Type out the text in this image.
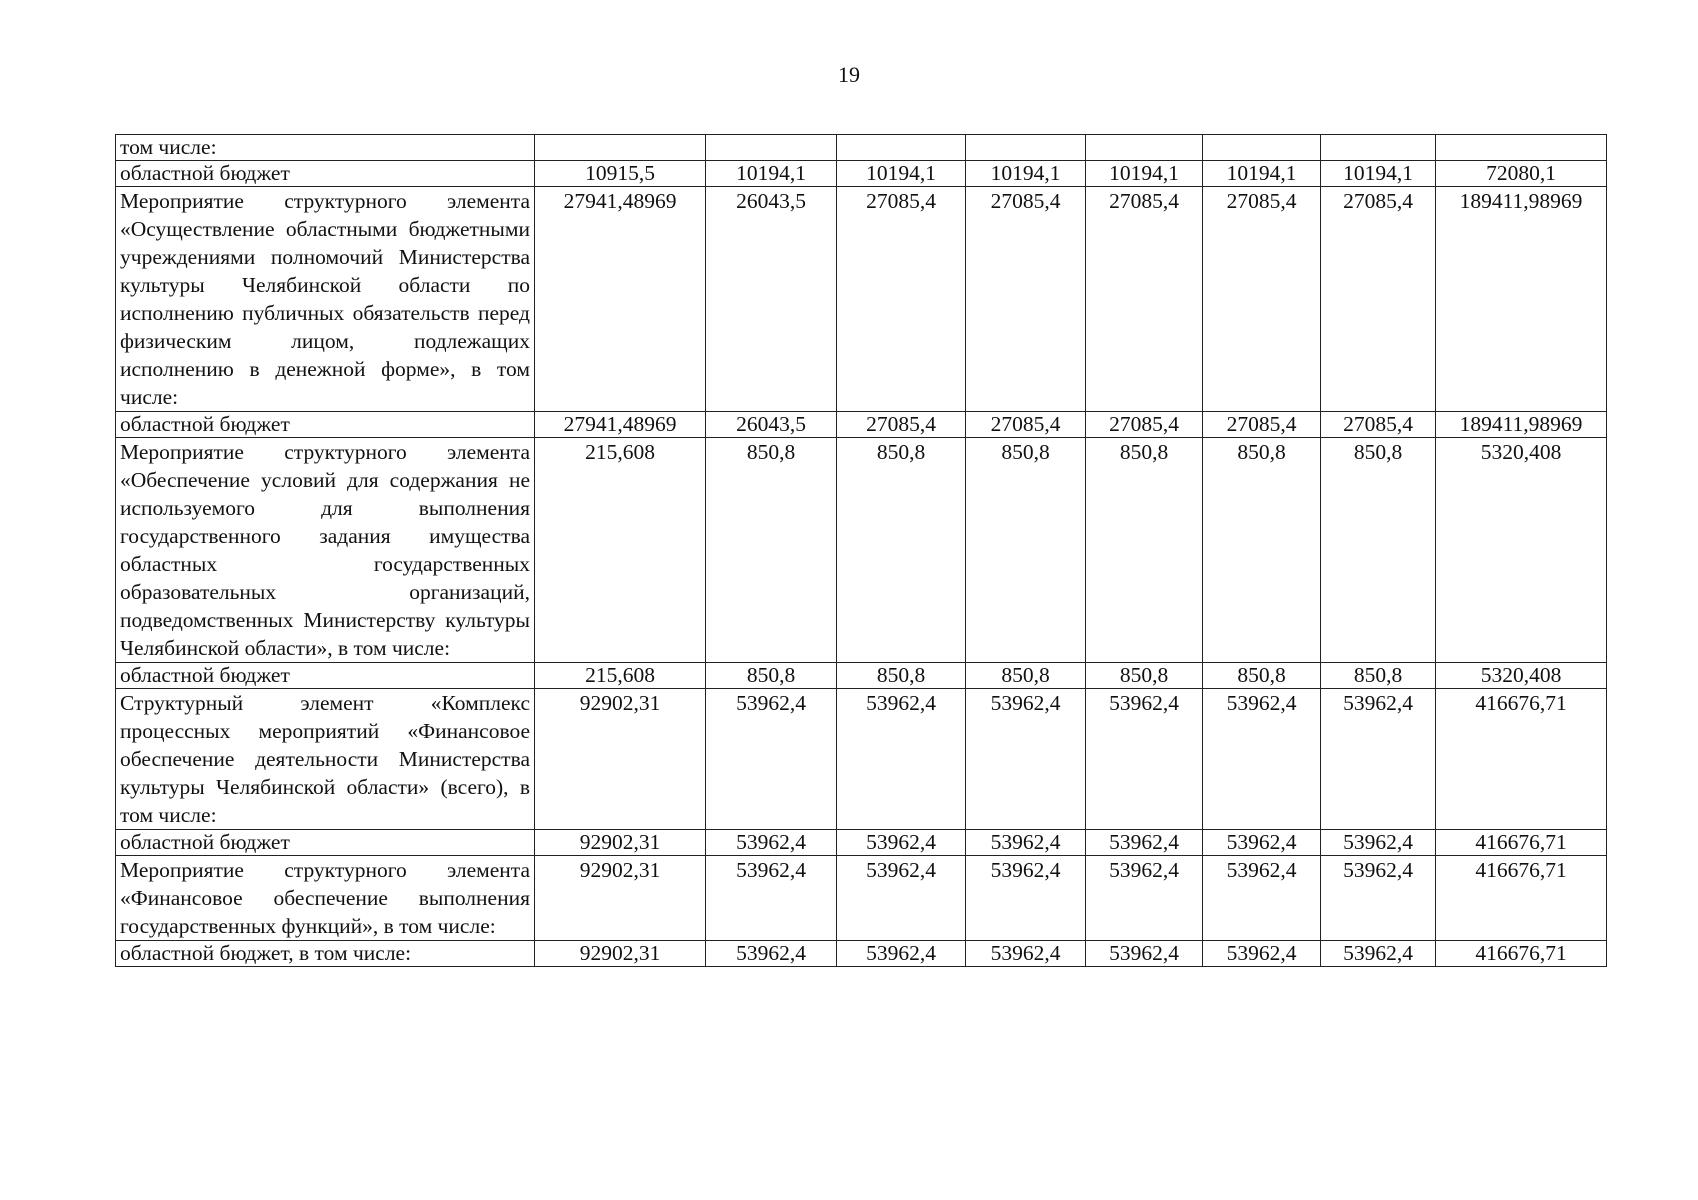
19
том числе:								
областной бюджет	10915,5	10194,1	10194,1	10194,1	10194,1	10194,1	10194,1	72080,1
Мероприятие структурного элемента «Осуществление областными бюджетными учреждениями полномочий Министерства культуры Челябинской области по исполнению публичных обязательств перед физическим лицом, подлежащих исполнению в денежной форме», в том числе:	27941,48969	26043,5	27085,4	27085,4	27085,4	27085,4	27085,4	189411,98969
областной бюджет	27941,48969	26043,5	27085,4	27085,4	27085,4	27085,4	27085,4	189411,98969
Мероприятие структурного элемента «Обеспечение условий для содержания не используемого для выполнения государственного задания имущества областных государственных образовательных организаций, подведомственных Министерству культуры Челябинской области», в том числе:	215,608	850,8	850,8	850,8	850,8	850,8	850,8	5320,408
областной бюджет	215,608	850,8	850,8	850,8	850,8	850,8	850,8	5320,408
Структурный элемент «Комплекс процессных мероприятий «Финансовое обеспечение деятельности Министерства культуры Челябинской области» (всего), в том числе:	92902,31	53962,4	53962,4	53962,4	53962,4	53962,4	53962,4	416676,71
областной бюджет	92902,31	53962,4	53962,4	53962,4	53962,4	53962,4	53962,4	416676,71
Мероприятие структурного элемента «Финансовое обеспечение выполнения государственных функций», в том числе:	92902,31	53962,4	53962,4	53962,4	53962,4	53962,4	53962,4	416676,71
областной бюджет, в том числе:	92902,31	53962,4	53962,4	53962,4	53962,4	53962,4	53962,4	416676,71
